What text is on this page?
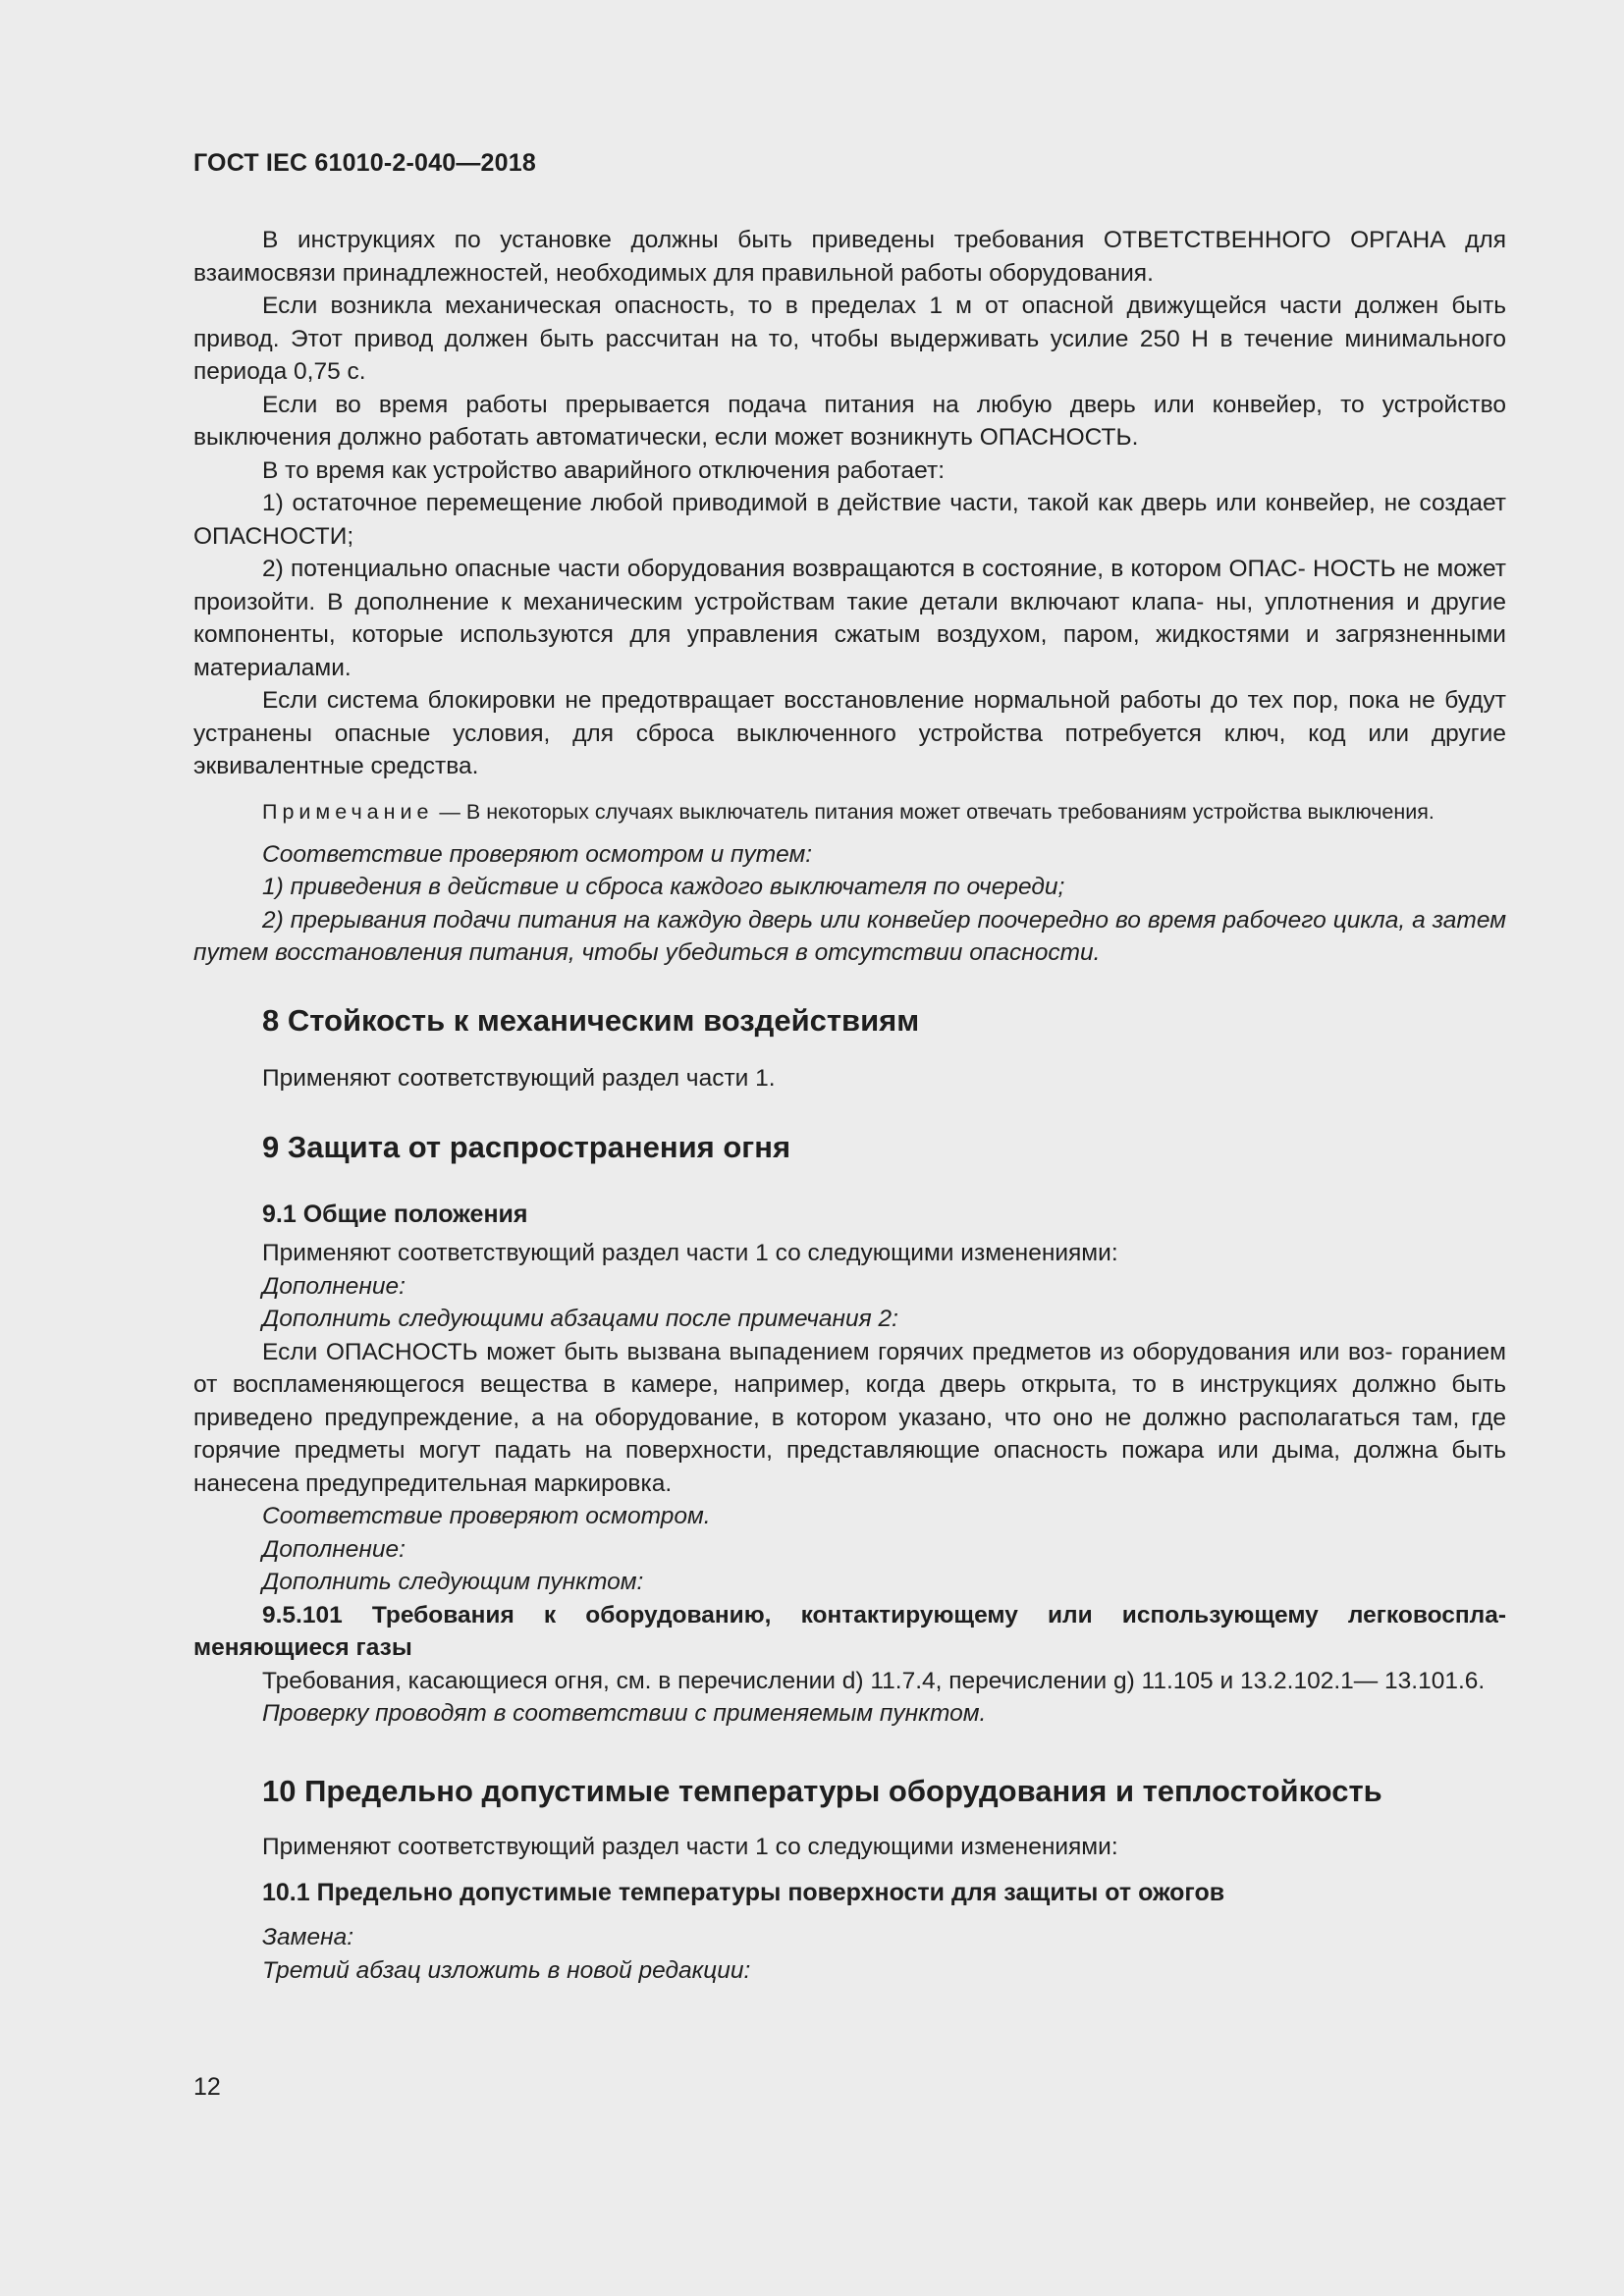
ГОСТ IEC 61010-2-040—2018

В инструкциях по установке должны быть приведены требования ОТВЕТСТВЕННОГО ОРГАНА для взаимосвязи принадлежностей, необходимых для правильной работы оборудования.

Если возникла механическая опасность, то в пределах 1 м от опасной движущейся части должен быть привод. Этот привод должен быть рассчитан на то, чтобы выдерживать усилие 250 Н в течение минимального периода 0,75 с.

Если во время работы прерывается подача питания на любую дверь или конвейер, то устройство выключения должно работать автоматически, если может возникнуть ОПАСНОСТЬ.

В то время как устройство аварийного отключения работает:

1) остаточное перемещение любой приводимой в действие части, такой как дверь или конвейер, не создает ОПАСНОСТИ;

2) потенциально опасные части оборудования возвращаются в состояние, в котором ОПАС- НОСТЬ не может произойти. В дополнение к механическим устройствам такие детали включают клапа- ны, уплотнения и другие компоненты, которые используются для управления сжатым воздухом, паром, жидкостями и загрязненными материалами.

Если система блокировки не предотвращает восстановление нормальной работы до тех пор, пока не будут устранены опасные условия, для сброса выключенного устройства потребуется ключ, код или другие эквивалентные средства.

Примечание — В некоторых случаях выключатель питания может отвечать требованиям устройства выключения.

Соответствие проверяют осмотром и путем:

1) приведения в действие и сброса каждого выключателя по очереди;

2) прерывания подачи питания на каждую дверь или конвейер поочередно во время рабочего цикла, а затем путем восстановления питания, чтобы убедиться в отсутствии опасности.

8 Стойкость к механическим воздействиям

Применяют соответствующий раздел части 1.

9 Защита от распространения огня
9.1 Общие положения

Применяют соответствующий раздел части 1 со следующими изменениями:

Дополнение:

Дополнить следующими абзацами после примечания 2:

Если ОПАСНОСТЬ может быть вызвана выпадением горячих предметов из оборудования или воз- горанием от воспламеняющегося вещества в камере, например, когда дверь открыта, то в инструкциях должно быть приведено предупреждение, а на оборудование, в котором указано, что оно не должно располагаться там, где горячие предметы могут падать на поверхности, представляющие опасность пожара или дыма, должна быть нанесена предупредительная маркировка.

Соответствие проверяют осмотром.

Дополнение:

Дополнить следующим пунктом:

9.5.101 Требования к оборудованию, контактирующему или использующему легковоспла- меняющиеся газы

Требования, касающиеся огня, см. в перечислении d) 11.7.4, перечислении g) 11.105 и 13.2.102.1— 13.101.6.

Проверку проводят в соответствии с применяемым пунктом.

10 Предельно допустимые температуры оборудования и теплостойкость

Применяют соответствующий раздел части 1 со следующими изменениями:

10.1 Предельно допустимые температуры поверхности для защиты от ожогов

Замена:

Третий абзац изложить в новой редакции:

12
